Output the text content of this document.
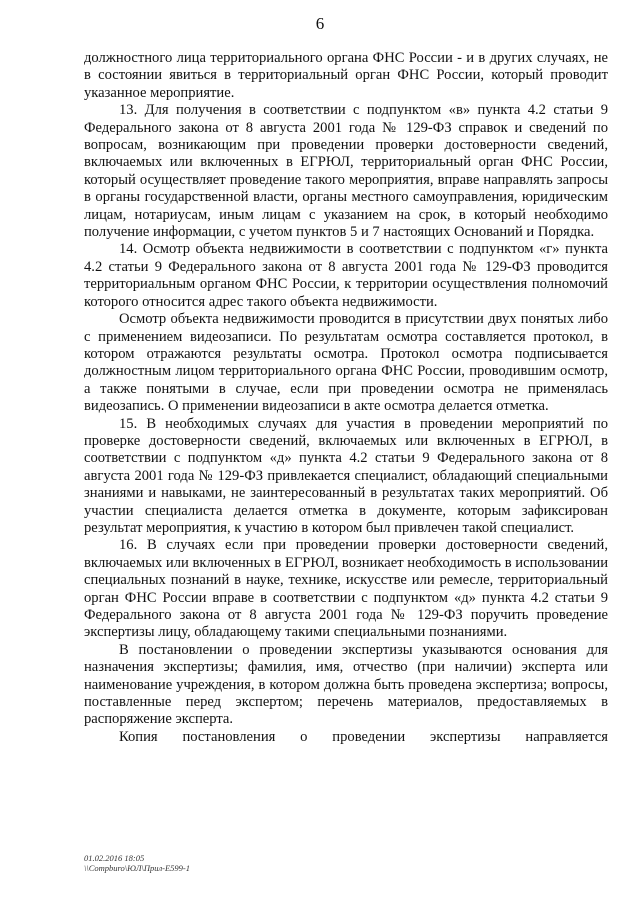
6

должностного лица территориального органа ФНС России - и в других случаях, не в состоянии явиться в территориальный орган ФНС России, который проводит указанное мероприятие.

13. Для получения в соответствии с подпунктом «в» пункта 4.2 статьи 9 Федерального закона от 8 августа 2001 года № 129-ФЗ справок и сведений по вопросам, возникающим при проведении проверки достоверности сведений, включаемых или включенных в ЕГРЮЛ, территориальный орган ФНС России, который осуществляет проведение такого мероприятия, вправе направлять запросы в органы государственной власти, органы местного самоуправления, юридическим лицам, нотариусам, иным лицам с указанием на срок, в который необходимо получение информации, с учетом пунктов 5 и 7 настоящих Оснований и Порядка.

14. Осмотр объекта недвижимости в соответствии с подпунктом «г» пункта 4.2 статьи 9 Федерального закона от 8 августа 2001 года № 129-ФЗ проводится территориальным органом ФНС России, к территории осуществления полномочий которого относится адрес такого объекта недвижимости.

Осмотр объекта недвижимости проводится в присутствии двух понятых либо с применением видеозаписи. По результатам осмотра составляется протокол, в котором отражаются результаты осмотра. Протокол осмотра подписывается должностным лицом территориального органа ФНС России, проводившим осмотр, а также понятыми в случае, если при проведении осмотра не применялась видеозапись. О применении видеозаписи в акте осмотра делается отметка.

15. В необходимых случаях для участия в проведении мероприятий по проверке достоверности сведений, включаемых или включенных в ЕГРЮЛ, в соответствии с подпунктом «д» пункта 4.2 статьи 9 Федерального закона от 8 августа 2001 года № 129-ФЗ привлекается специалист, обладающий специальными знаниями и навыками, не заинтересованный в результатах таких мероприятий. Об участии специалиста делается отметка в документе, которым зафиксирован результат мероприятия, к участию в котором был привлечен такой специалист.

16. В случаях если при проведении проверки достоверности сведений, включаемых или включенных в ЕГРЮЛ, возникает необходимость в использовании специальных познаний в науке, технике, искусстве или ремесле, территориальный орган ФНС России вправе в соответствии с подпунктом «д» пункта 4.2 статьи 9 Федерального закона от 8 августа 2001 года № 129-ФЗ поручить проведение экспертизы лицу, обладающему такими специальными познаниями.

В постановлении о проведении экспертизы указываются основания для назначения экспертизы; фамилия, имя, отчество (при наличии) эксперта или наименование учреждения, в котором должна быть проведена экспертиза; вопросы, поставленные перед экспертом; перечень материалов, предоставляемых в распоряжение эксперта.

Копия постановления о проведении экспертизы направляется

01.02.2016 18:05
\\Compburo\ЮЛ\Прил-Е599-1
